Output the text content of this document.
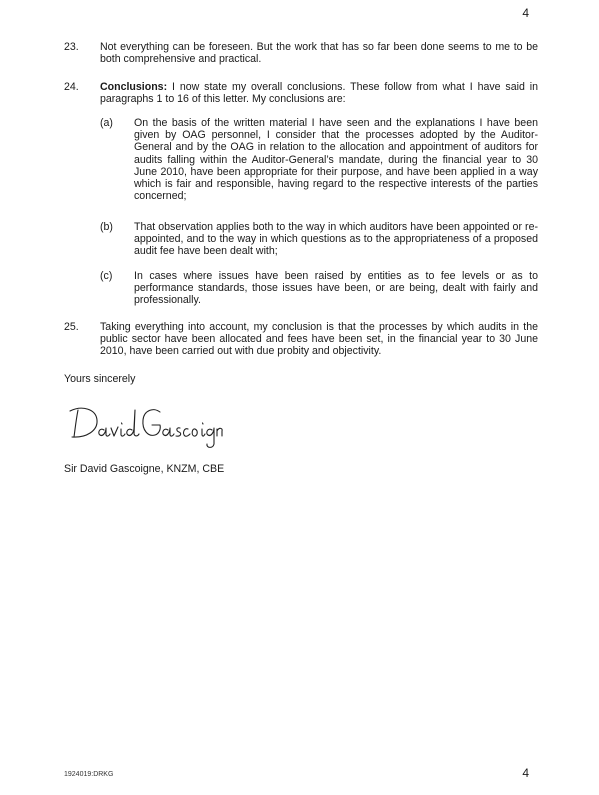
4
23. Not everything can be foreseen. But the work that has so far been done seems to me to be both comprehensive and practical.
24. Conclusions: I now state my overall conclusions. These follow from what I have said in paragraphs 1 to 16 of this letter. My conclusions are:
(a) On the basis of the written material I have seen and the explanations I have been given by OAG personnel, I consider that the processes adopted by the Auditor-General and by the OAG in relation to the allocation and appointment of auditors for audits falling within the Auditor-General’s mandate, during the financial year to 30 June 2010, have been appropriate for their purpose, and have been applied in a way which is fair and responsible, having regard to the respective interests of the parties concerned;
(b) That observation applies both to the way in which auditors have been appointed or re-appointed, and to the way in which questions as to the appropriateness of a proposed audit fee have been dealt with;
(c) In cases where issues have been raised by entities as to fee levels or as to performance standards, those issues have been, or are being, dealt with fairly and professionally.
25. Taking everything into account, my conclusion is that the processes by which audits in the public sector have been allocated and fees have been set, in the financial year to 30 June 2010, have been carried out with due probity and objectivity.
Yours sincerely
Sir David Gascoigne, KNZM, CBE
1924019:DRKG	4
